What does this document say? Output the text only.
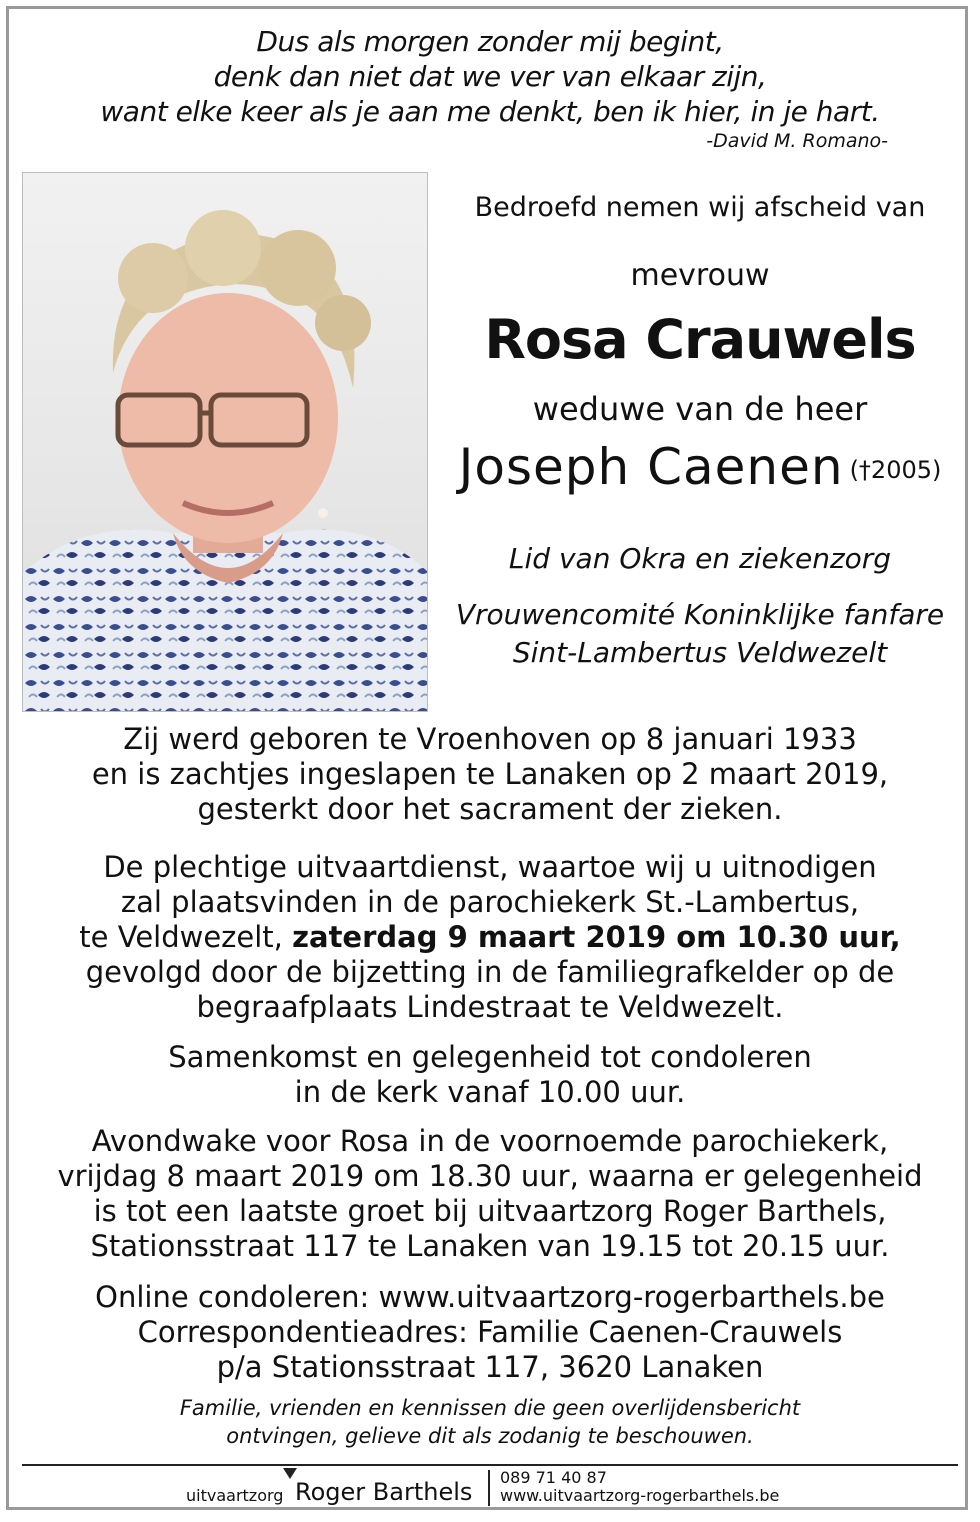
Dus als morgen zonder mij begint,

denk dan niet dat we ver van elkaar zijn,

want elke keer als je aan me denkt, ben ik hier, in je hart.

-David M. Romano-
Bedroefd nemen wij afscheid van
mevrouw
Rosa Crauwels
weduwe van de heer
Joseph Caenen (†2005)
Lid van Okra en ziekenzorg

Vrouwencomité Koninklijke fanfare

Sint-Lambertus Veldwezelt

Zij werd geboren te Vroenhoven op 8 januari 1933

en is zachtjes ingeslapen te Lanaken op 2 maart 2019,

gesterkt door het sacrament der zieken.

De plechtige uitvaartdienst, waartoe wij u uitnodigen

zal plaatsvinden in de parochiekerk St.-Lambertus,

te Veldwezelt, zaterdag 9 maart 2019 om 10.30 uur,

gevolgd door de bijzetting in de familiegrafkelder op de

begraafplaats Lindestraat te Veldwezelt.

Samenkomst en gelegenheid tot condoleren

in de kerk vanaf 10.00 uur.

Avondwake voor Rosa in de voornoemde parochiekerk,

vrijdag 8 maart 2019 om 18.30 uur, waarna er gelegenheid

is tot een laatste groet bij uitvaartzorg Roger Barthels,

Stationsstraat 117 te Lanaken van 19.15 tot 20.15 uur.

Online condoleren: www.uitvaartzorg-rogerbarthels.be

Correspondentieadres: Familie Caenen-Crauwels

p/a Stationsstraat 117, 3620 Lanaken

Familie, vrienden en kennissen die geen overlijdensbericht

ontvingen, gelieve dit als zodanig te beschouwen.

uitvaartzorg Roger Barthels
089 71 40 87
www.uitvaartzorg-rogerbarthels.be
